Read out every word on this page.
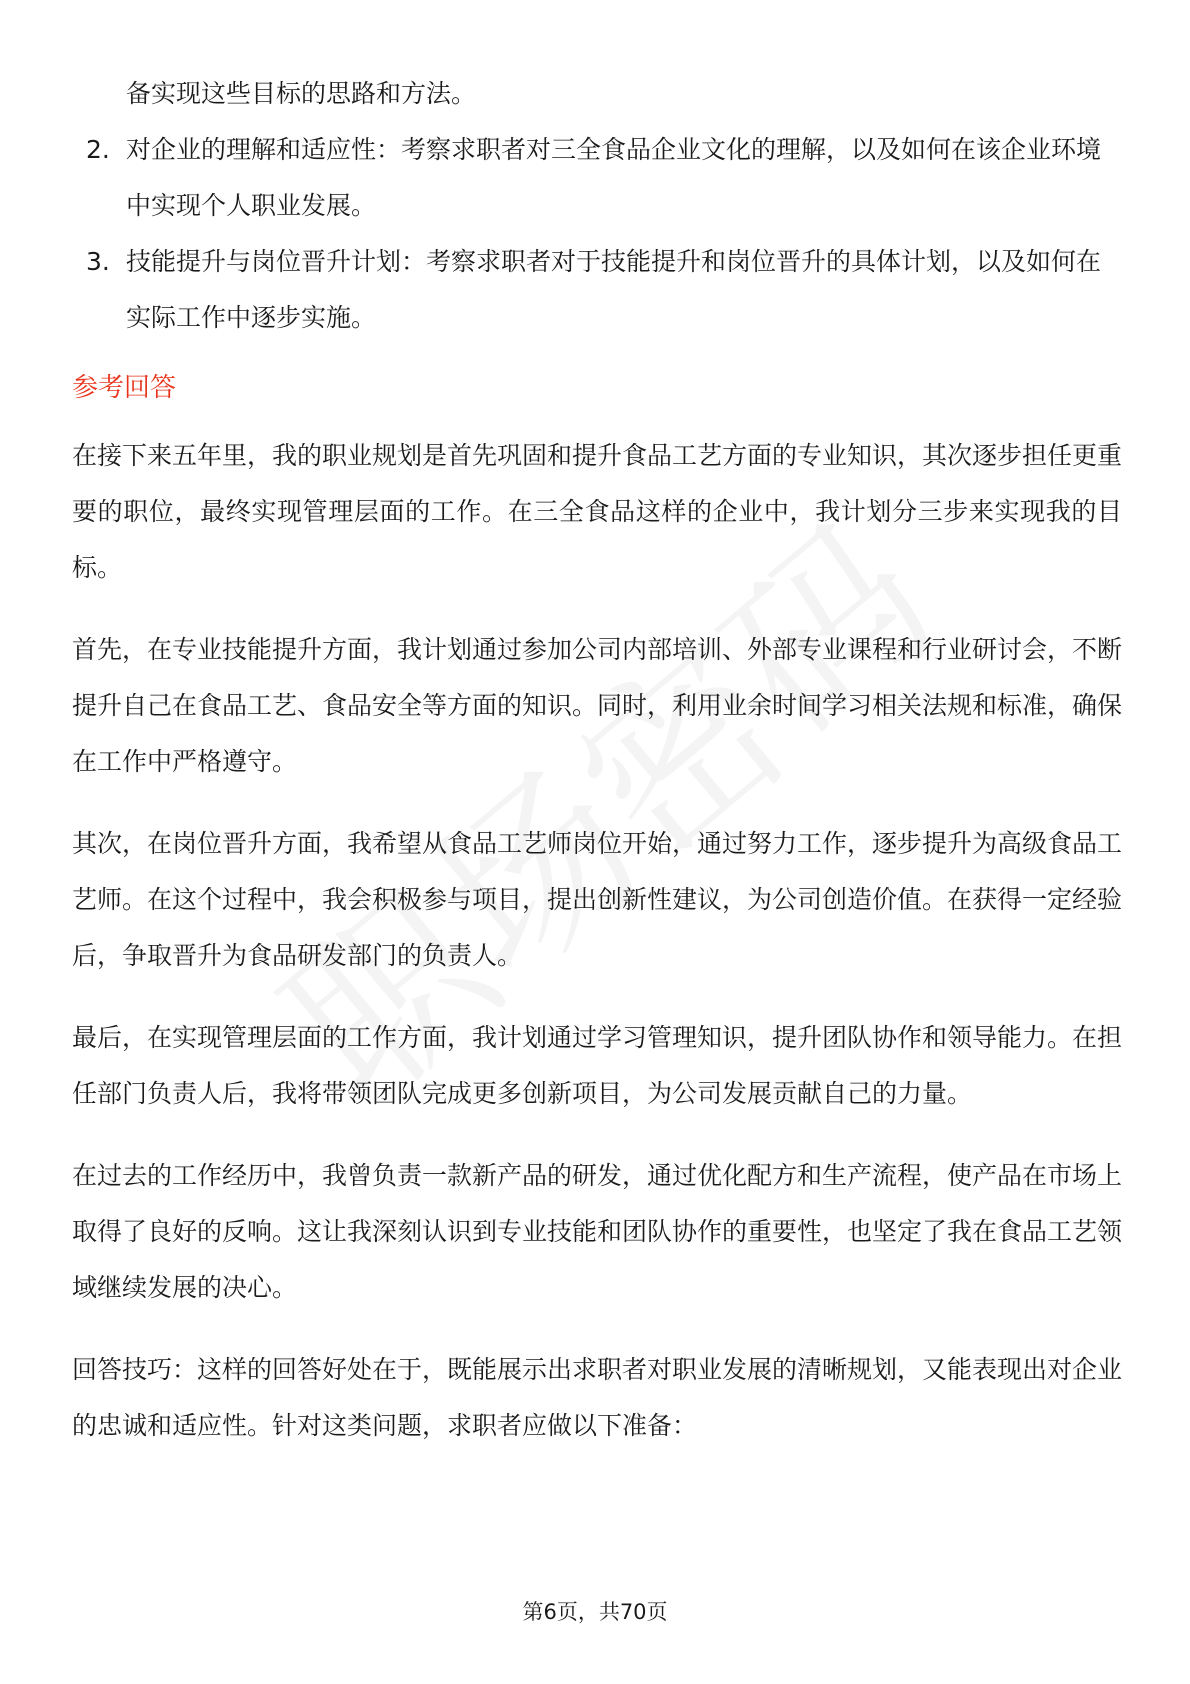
备实现这些目标的思路和方法。
2. 对企业的理解和适应性：考察求职者对三全食品企业文化的理解，以及如何在该企业环境中实现个人职业发展。
3. 技能提升与岗位晋升计划：考察求职者对于技能提升和岗位晋升的具体计划，以及如何在实际工作中逐步实施。
参考回答
在接下来五年里，我的职业规划是首先巩固和提升食品工艺方面的专业知识，其次逐步担任更重要的职位，最终实现管理层面的工作。在三全食品这样的企业中，我计划分三步来实现我的目标。
首先，在专业技能提升方面，我计划通过参加公司内部培训、外部专业课程和行业研讨会，不断提升自己在食品工艺、食品安全等方面的知识。同时，利用业余时间学习相关法规和标准，确保在工作中严格遵守。
其次，在岗位晋升方面，我希望从食品工艺师岗位开始，通过努力工作，逐步提升为高级食品工艺师。在这个过程中，我会积极参与项目，提出创新性建议，为公司创造价值。在获得一定经验后，争取晋升为食品研发部门的负责人。
最后，在实现管理层面的工作方面，我计划通过学习管理知识，提升团队协作和领导能力。在担任部门负责人后，我将带领团队完成更多创新项目，为公司发展贡献自己的力量。
在过去的工作经历中，我曾负责一款新产品的研发，通过优化配方和生产流程，使产品在市场上取得了良好的反响。这让我深刻认识到专业技能和团队协作的重要性，也坚定了我在食品工艺领域继续发展的决心。
回答技巧：这样的回答好处在于，既能展示出求职者对职业发展的清晰规划，又能表现出对企业的忠诚和适应性。针对这类问题，求职者应做以下准备：
第6页，共70页
